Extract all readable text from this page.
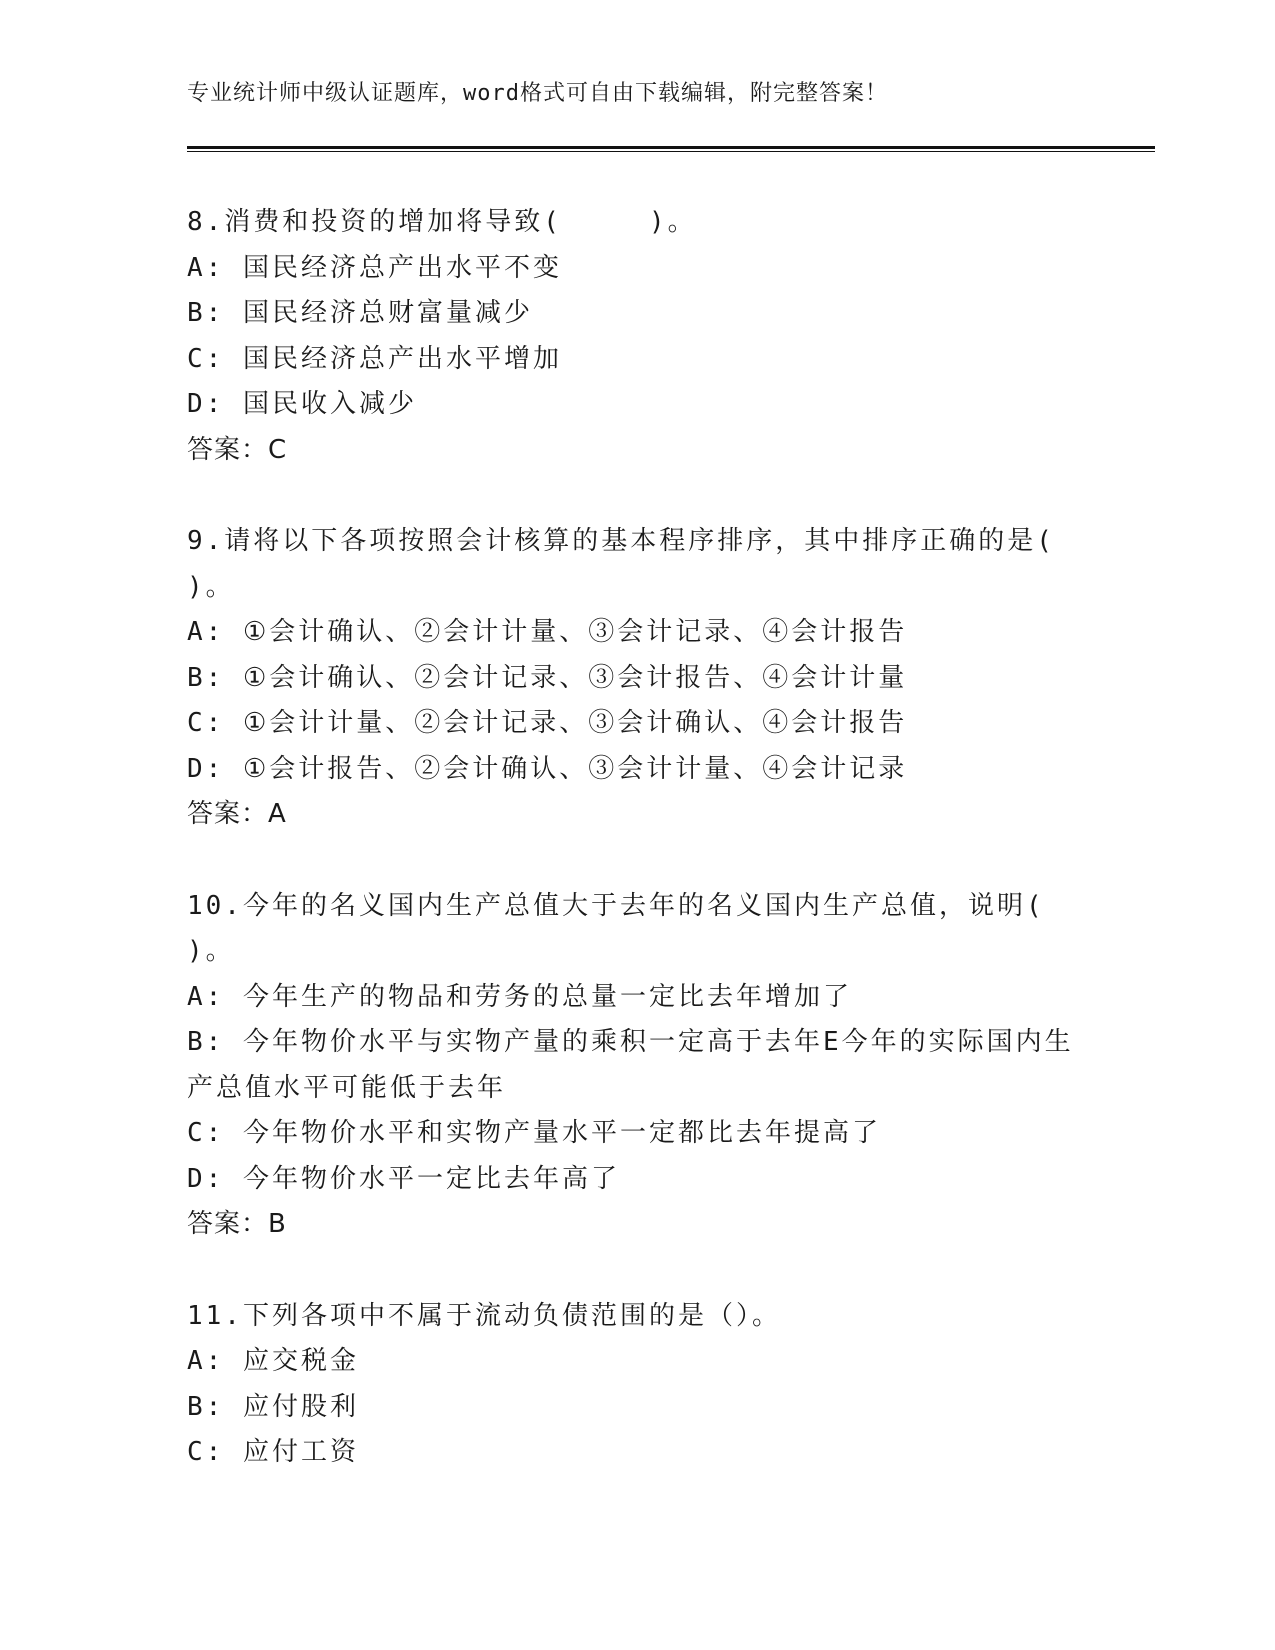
专业统计师中级认证题库，word格式可自由下载编辑，附完整答案！
8.消费和投资的增加将导致(　　　)。
A: 国民经济总产出水平不变
B: 国民经济总财富量减少
C: 国民经济总产出水平增加
D: 国民收入减少
答案：C
9.请将以下各项按照会计核算的基本程序排序，其中排序正确的是(
)。
A: ①会计确认、②会计计量、③会计记录、④会计报告
B: ①会计确认、②会计记录、③会计报告、④会计计量
C: ①会计计量、②会计记录、③会计确认、④会计报告
D: ①会计报告、②会计确认、③会计计量、④会计记录
答案：A
10.今年的名义国内生产总值大于去年的名义国内生产总值，说明(
)。
A: 今年生产的物品和劳务的总量一定比去年增加了
B: 今年物价水平与实物产量的乘积一定高于去年E今年的实际国内生
产总值水平可能低于去年
C: 今年物价水平和实物产量水平一定都比去年提高了
D: 今年物价水平一定比去年高了
答案：B
11.下列各项中不属于流动负债范围的是（）。
A: 应交税金
B: 应付股利
C: 应付工资
